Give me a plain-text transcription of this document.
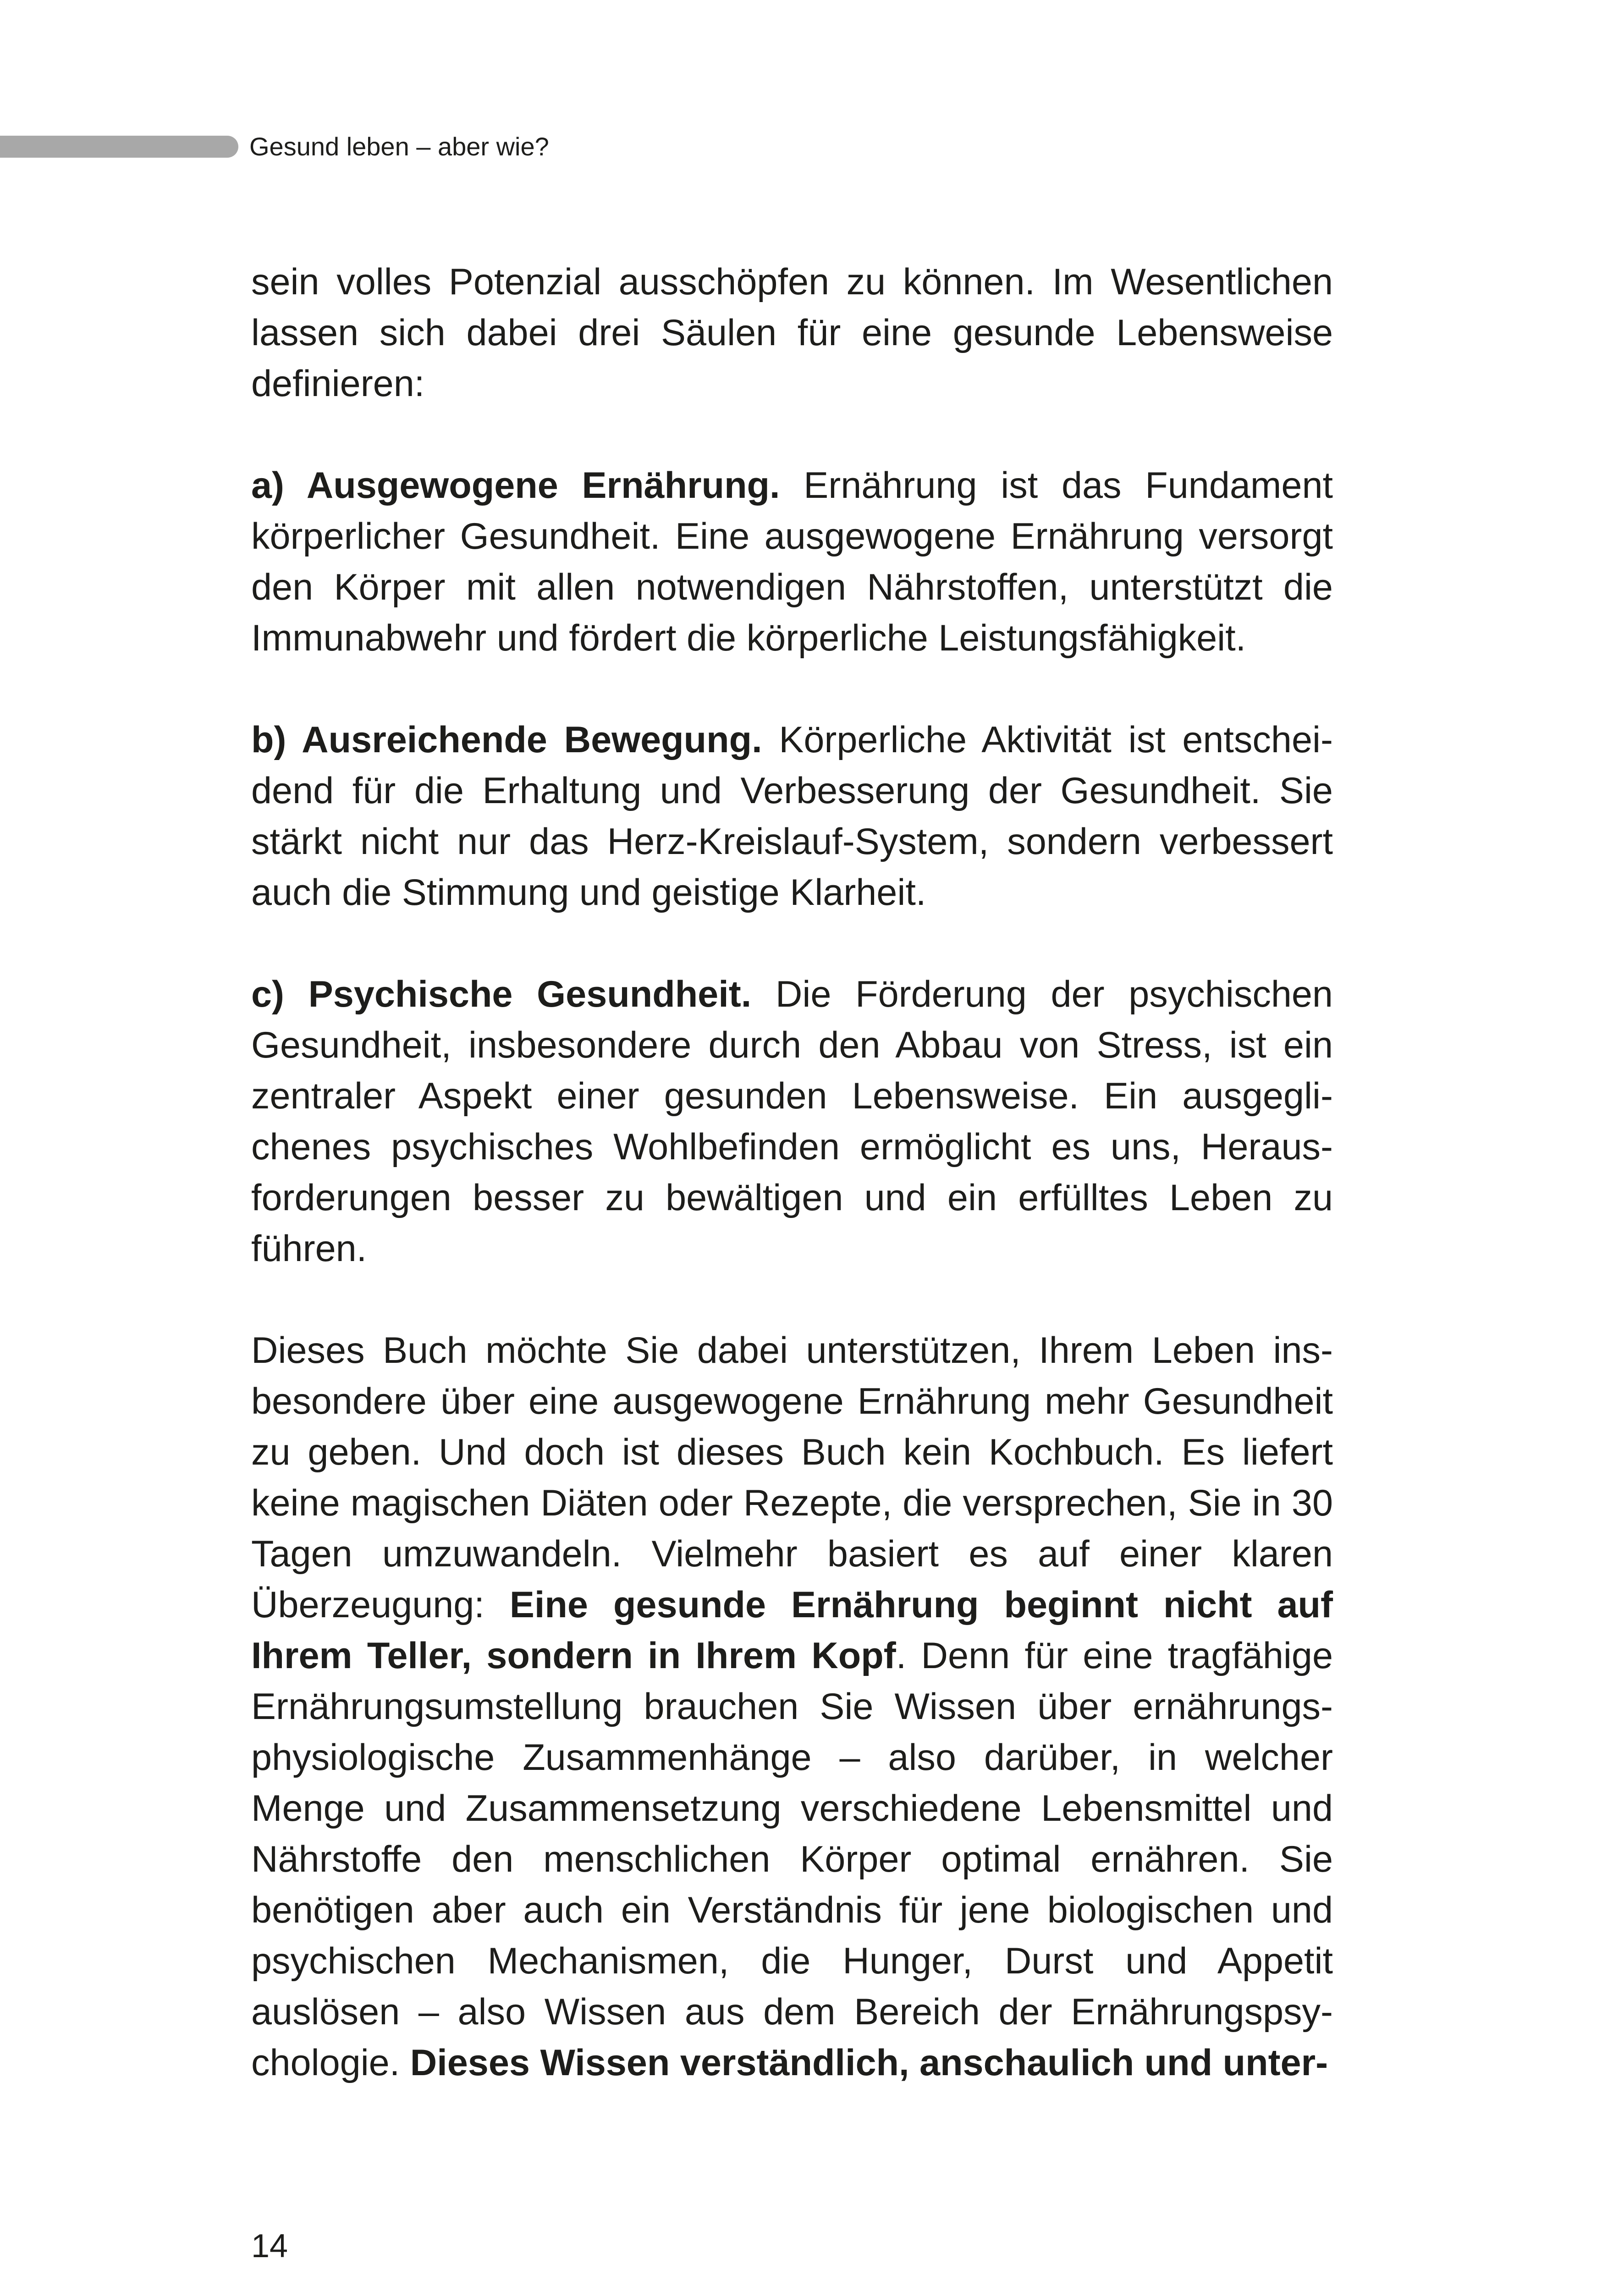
Gesund leben – aber wie?

sein volles Potenzial ausschöpfen zu können. Im Wesentlichen lassen sich dabei drei Säulen für eine gesunde Lebensweise definieren:

a) Ausgewogene Ernährung. Ernährung ist das Fundament körperlicher Gesundheit. Eine ausgewogene Ernährung versorgt den Körper mit allen notwendigen Nährstoffen, unterstützt die Immunabwehr und fördert die körperliche Leistungsfähigkeit.

b) Ausreichende Bewegung. Körperliche Aktivität ist entscheidend für die Erhaltung und Verbesserung der Gesundheit. Sie stärkt nicht nur das Herz-Kreislauf-System, sondern verbessert auch die Stimmung und geistige Klarheit.

c) Psychische Gesundheit. Die Förderung der psychischen Gesundheit, insbesondere durch den Abbau von Stress, ist ein zentraler Aspekt einer gesunden Lebensweise. Ein ausgeglichenes psychisches Wohlbefinden ermöglicht es uns, Herausforderungen besser zu bewältigen und ein erfülltes Leben zu führen.

Dieses Buch möchte Sie dabei unterstützen, Ihrem Leben insbesondere über eine ausgewogene Ernährung mehr Gesundheit zu geben. Und doch ist dieses Buch kein Kochbuch. Es liefert keine magischen Diäten oder Rezepte, die versprechen, Sie in 30 Tagen umzuwandeln. Vielmehr basiert es auf einer klaren Überzeugung: Eine gesunde Ernährung beginnt nicht auf Ihrem Teller, sondern in Ihrem Kopf. Denn für eine tragfähige Ernährungsumstellung brauchen Sie Wissen über ernährungsphysiologische Zusammenhänge – also darüber, in welcher Menge und Zusammensetzung verschiedene Lebensmittel und Nährstoffe den menschlichen Körper optimal ernähren. Sie benötigen aber auch ein Verständnis für jene biologischen und psychischen Mechanismen, die Hunger, Durst und Appetit auslösen – also Wissen aus dem Bereich der Ernährungspsychologie. Dieses Wissen verständlich, anschaulich und unter-

14
